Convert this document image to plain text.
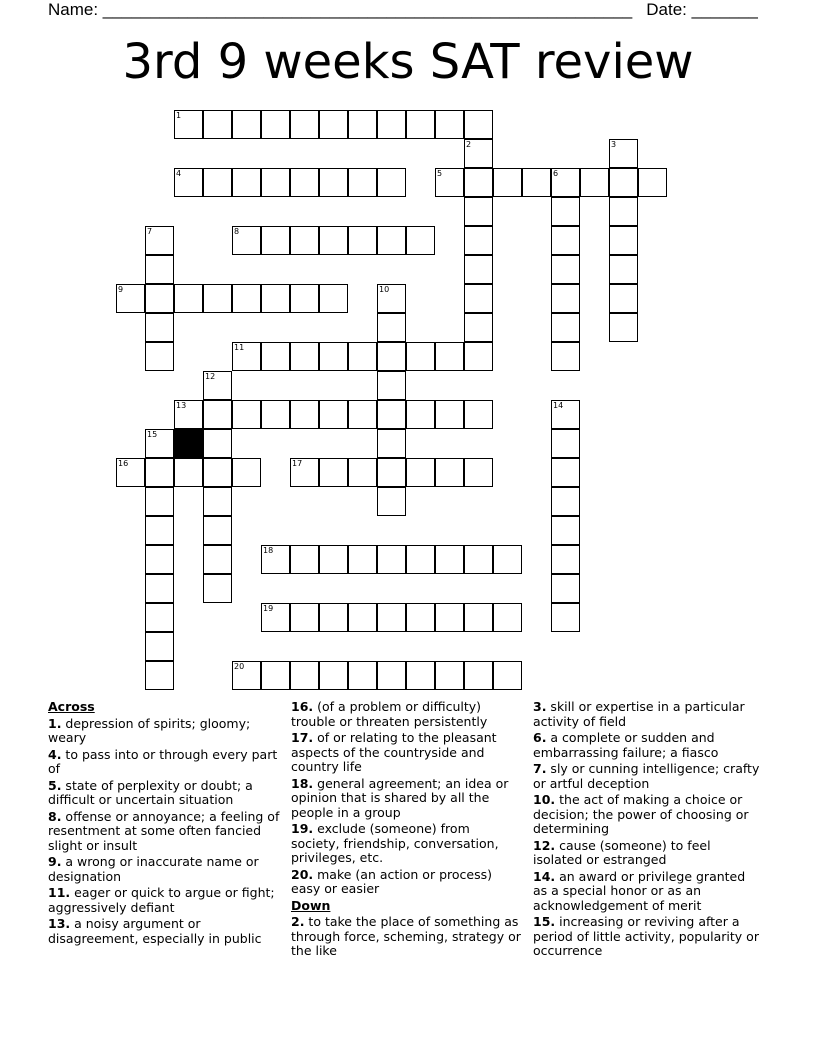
Name: ________________________________________________________ Date: _______
3rd 9 weeks SAT review
1
2	3
4	5	6
7	8
9	10
11
12
13	14
15
16	17
18
19
20
Across
1. depression of spirits; gloomy; weary
4. to pass into or through every part of
5. state of perplexity or doubt; a difficult or uncertain situation
8. offense or annoyance; a feeling of resentment at some often fancied slight or insult
9. a wrong or inaccurate name or designation
11. eager or quick to argue or fight; aggressively defiant
13. a noisy argument or disagreement, especially in public
16. (of a problem or difficulty) trouble or threaten persistently
17. of or relating to the pleasant aspects of the countryside and country life
18. general agreement; an idea or opinion that is shared by all the people in a group
19. exclude (someone) from society, friendship, conversation, privileges, etc.
20. make (an action or process) easy or easier
Down
2. to take the place of something as through force, scheming, strategy or the like
3. skill or expertise in a particular activity of field
6. a complete or sudden and embarrassing failure; a fiasco
7. sly or cunning intelligence; crafty or artful deception
10. the act of making a choice or decision; the power of choosing or determining
12. cause (someone) to feel isolated or estranged
14. an award or privilege granted as a special honor or as an acknowledgement of merit
15. increasing or reviving after a period of little activity, popularity or occurrence
